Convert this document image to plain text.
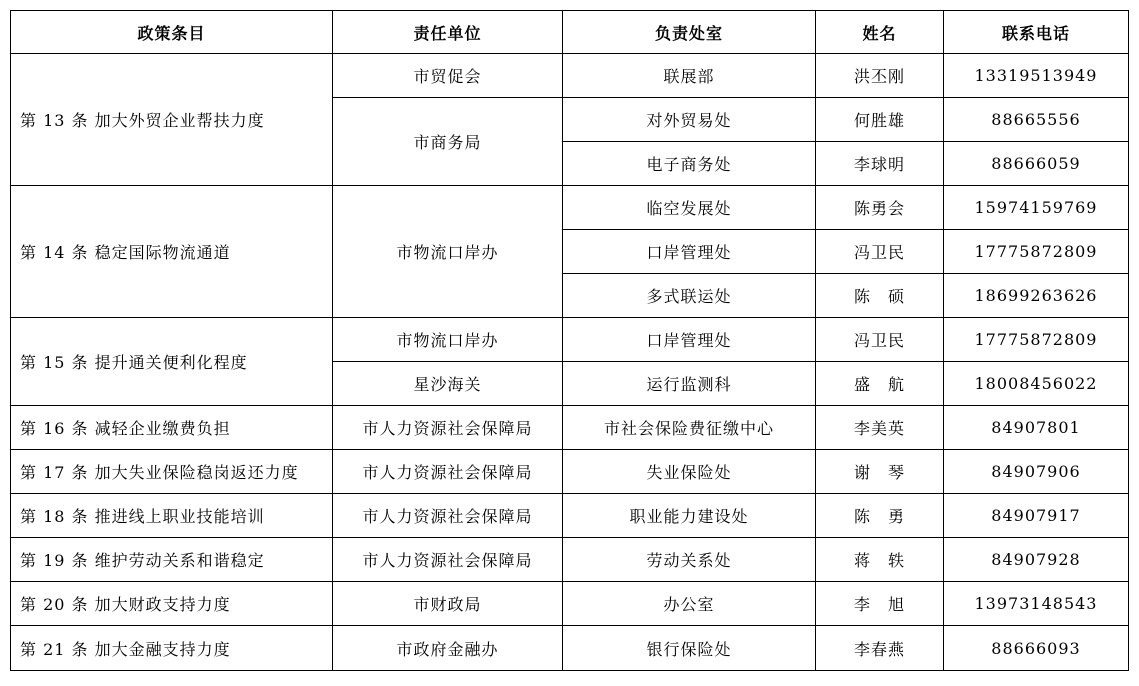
政策条目	责任单位	负责处室	姓名	联系电话
第 13 条 加大外贸企业帮扶力度	市贸促会	联展部	洪丕刚	13319513949
	市商务局	对外贸易处	何胜雄	88665556
		电子商务处	李球明	88666059
第 14 条 稳定国际物流通道	市物流口岸办	临空发展处	陈勇会	15974159769
		口岸管理处	冯卫民	17775872809
		多式联运处	陈　硕	18699263626
第 15 条 提升通关便利化程度	市物流口岸办	口岸管理处	冯卫民	17775872809
	星沙海关	运行监测科	盛　航	18008456022
第 16 条 减轻企业缴费负担	市人力资源社会保障局	市社会保险费征缴中心	李美英	84907801
第 17 条 加大失业保险稳岗返还力度	市人力资源社会保障局	失业保险处	谢　琴	84907906
第 18 条 推进线上职业技能培训	市人力资源社会保障局	职业能力建设处	陈　勇	84907917
第 19 条 维护劳动关系和谐稳定	市人力资源社会保障局	劳动关系处	蒋　轶	84907928
第 20 条 加大财政支持力度	市财政局	办公室	李　旭	13973148543
第 21 条 加大金融支持力度	市政府金融办	银行保险处	李春燕	88666093
